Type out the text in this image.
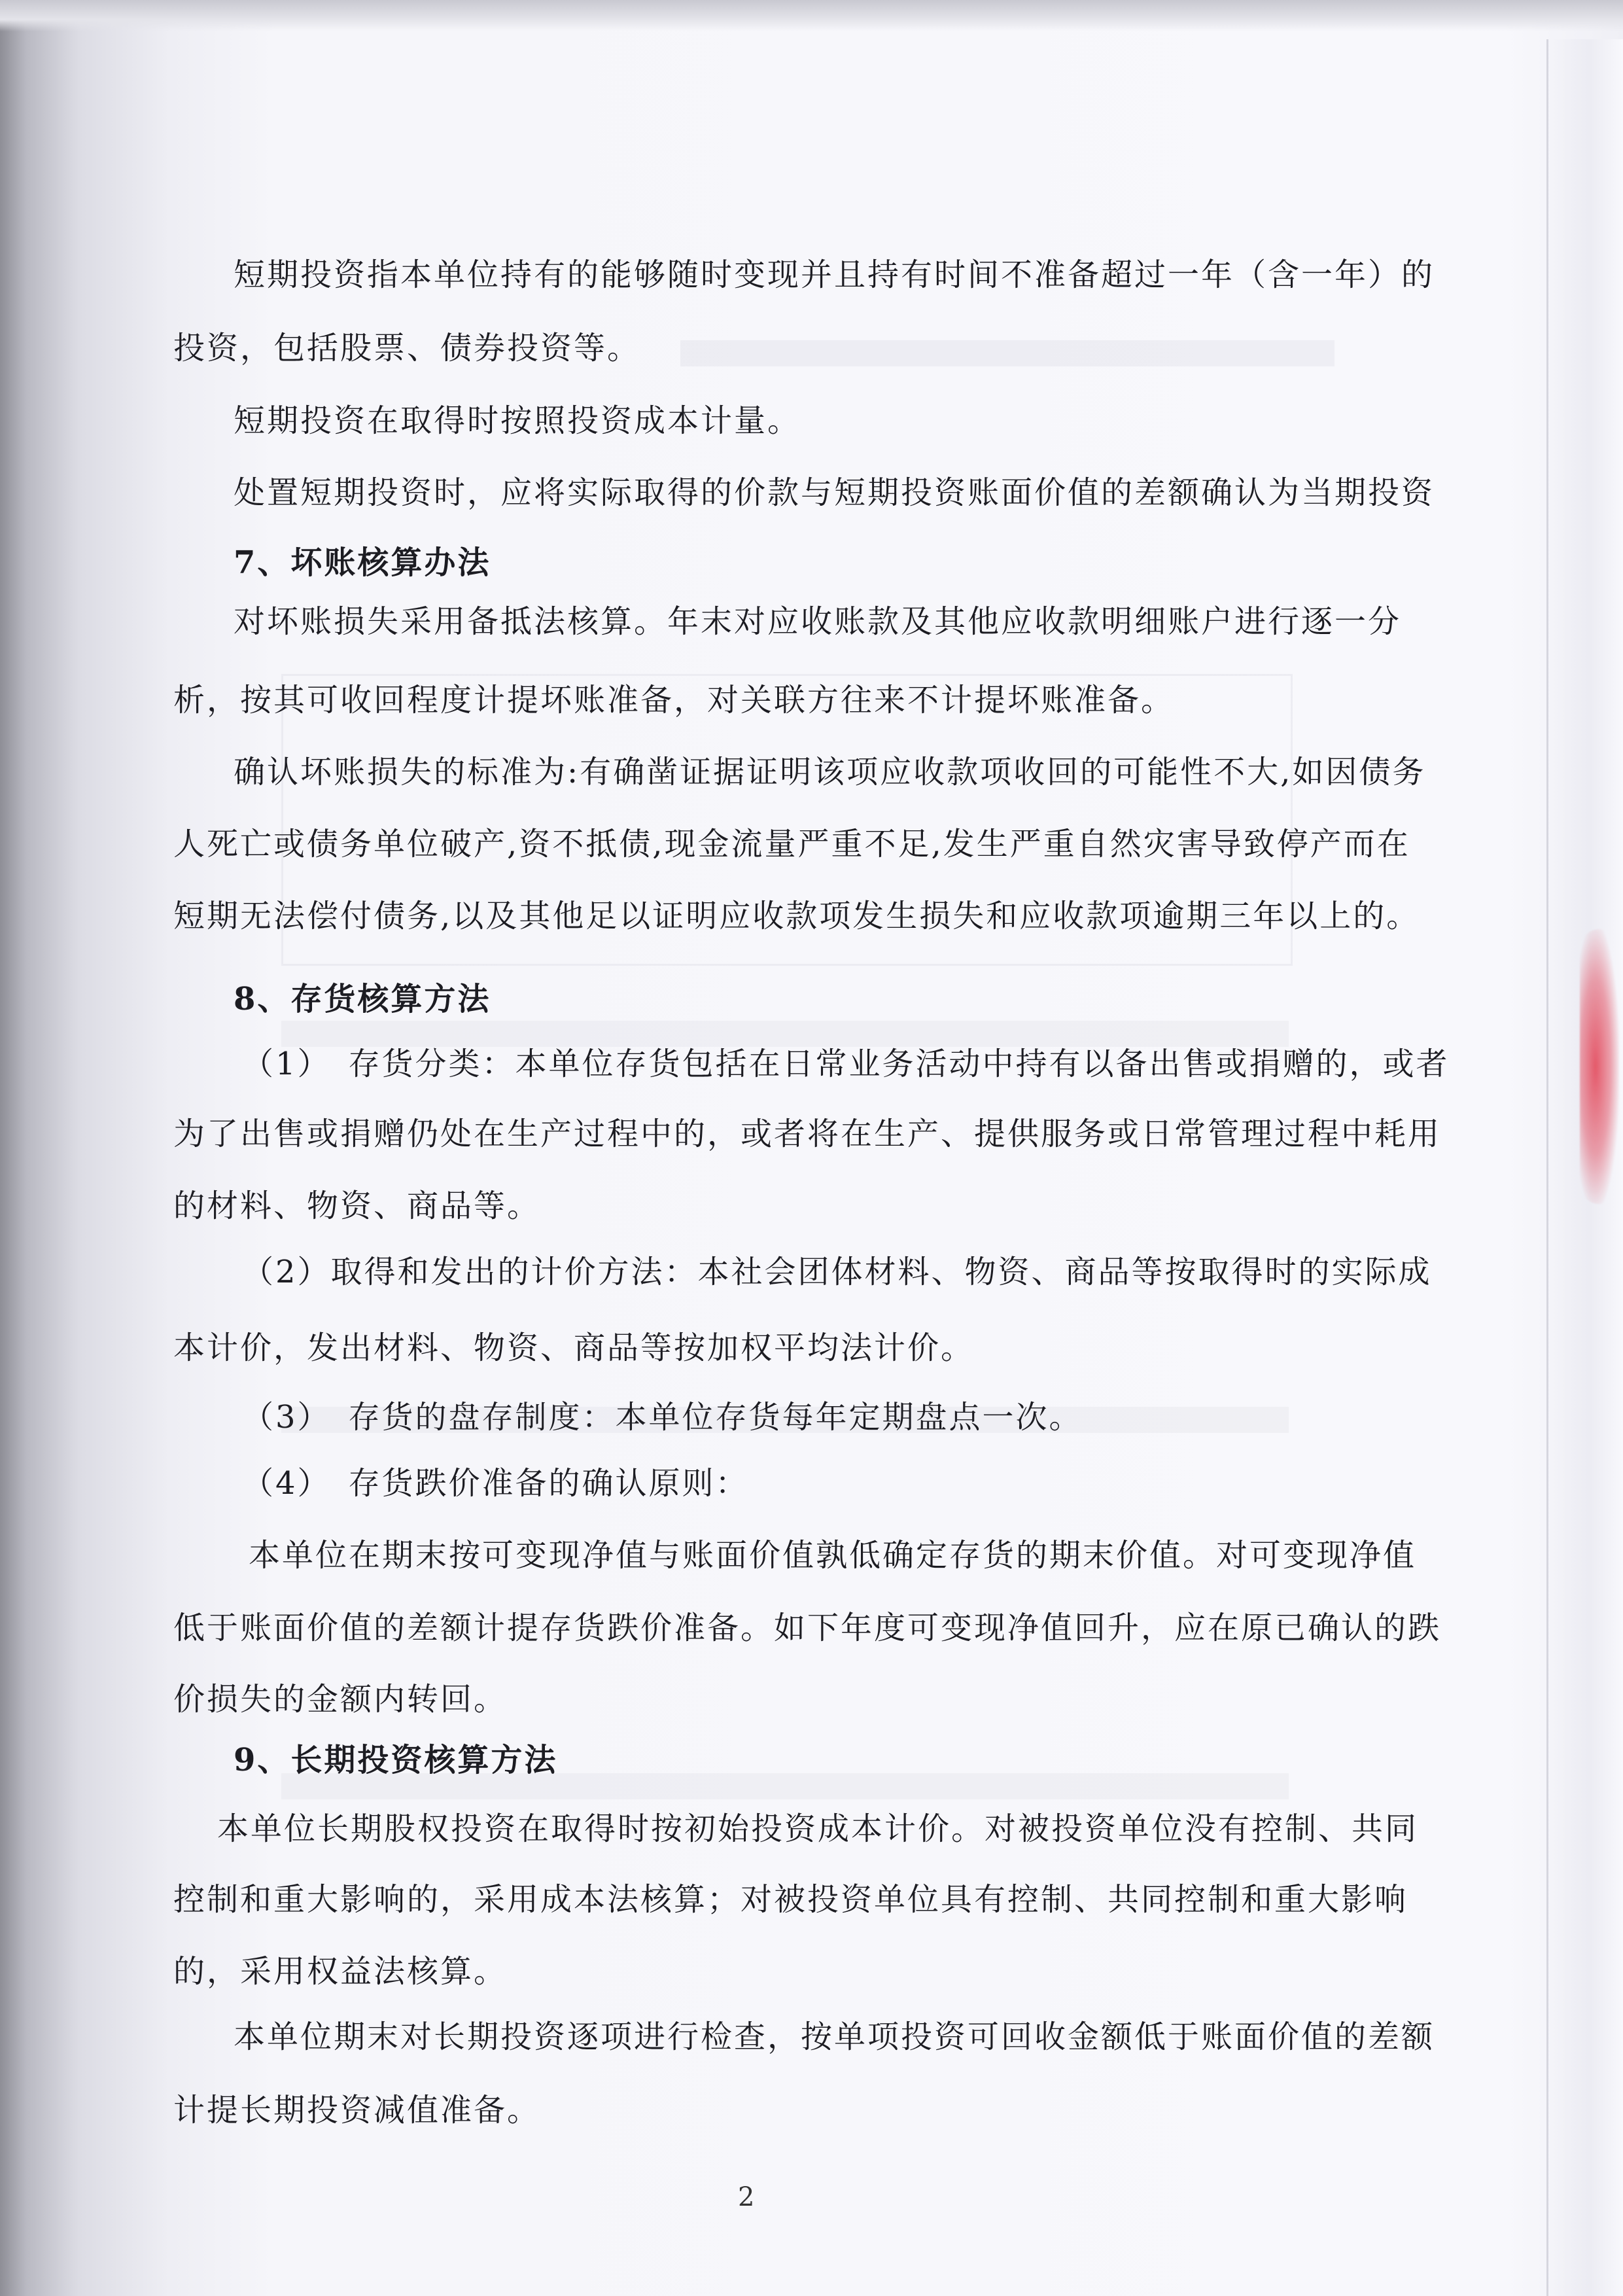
短期投资指本单位持有的能够随时变现并且持有时间不准备超过一年（含一年）的
投资，包括股票、债券投资等。
短期投资在取得时按照投资成本计量。
处置短期投资时，应将实际取得的价款与短期投资账面价值的差额确认为当期投资
7、坏账核算办法
对坏账损失采用备抵法核算。年末对应收账款及其他应收款明细账户进行逐一分
析，按其可收回程度计提坏账准备，对关联方往来不计提坏账准备。
确认坏账损失的标准为:有确凿证据证明该项应收款项收回的可能性不大,如因债务
人死亡或债务单位破产,资不抵债,现金流量严重不足,发生严重自然灾害导致停产而在
短期无法偿付债务,以及其他足以证明应收款项发生损失和应收款项逾期三年以上的。
8、存货核算方法
（1）　存货分类：本单位存货包括在日常业务活动中持有以备出售或捐赠的，或者
为了出售或捐赠仍处在生产过程中的，或者将在生产、提供服务或日常管理过程中耗用
的材料、物资、商品等。
（2）取得和发出的计价方法：本社会团体材料、物资、商品等按取得时的实际成
本计价，发出材料、物资、商品等按加权平均法计价。
（3）　存货的盘存制度：本单位存货每年定期盘点一次。
（4）　存货跌价准备的确认原则：
本单位在期末按可变现净值与账面价值孰低确定存货的期末价值。对可变现净值
低于账面价值的差额计提存货跌价准备。如下年度可变现净值回升，应在原已确认的跌
价损失的金额内转回。
9、长期投资核算方法
本单位长期股权投资在取得时按初始投资成本计价。对被投资单位没有控制、共同
控制和重大影响的，采用成本法核算；对被投资单位具有控制、共同控制和重大影响
的，采用权益法核算。
本单位期末对长期投资逐项进行检查，按单项投资可回收金额低于账面价值的差额
计提长期投资减值准备。
2
